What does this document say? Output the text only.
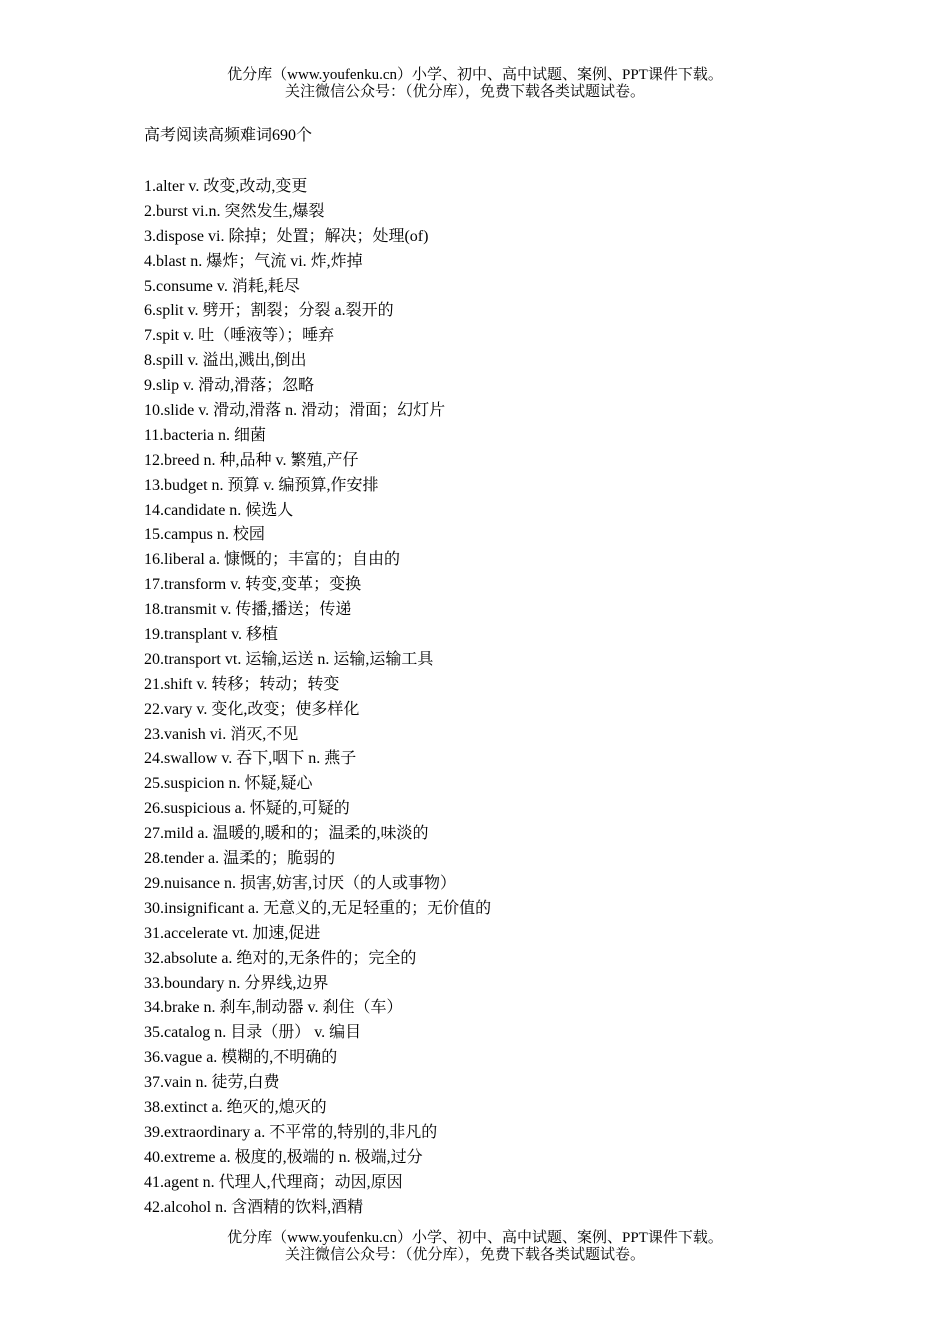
优分库（www.youfenku.cn）小学、初中、高中试题、案例、PPT课件下载。
关注微信公众号：（优分库），免费下载各类试题试卷。
高考阅读高频难词690个
1.alter v. 改变,改动,变更
2.burst vi.n. 突然发生,爆裂
3.dispose vi. 除掉；处置；解决；处理(of)
4.blast n. 爆炸；气流 vi. 炸,炸掉
5.consume v. 消耗,耗尽
6.split v. 劈开；割裂；分裂 a.裂开的
7.spit v. 吐（唾液等）；唾弃
8.spill v. 溢出,溅出,倒出
9.slip v. 滑动,滑落；忽略
10.slide v. 滑动,滑落 n. 滑动；滑面；幻灯片
11.bacteria n. 细菌
12.breed n. 种,品种 v. 繁殖,产仔
13.budget n. 预算 v. 编预算,作安排
14.candidate n. 候选人
15.campus n. 校园
16.liberal a. 慷慨的；丰富的；自由的
17.transform v. 转变,变革；变换
18.transmit v. 传播,播送；传递
19.transplant v. 移植
20.transport vt. 运输,运送 n. 运输,运输工具
21.shift v. 转移；转动；转变
22.vary v. 变化,改变；使多样化
23.vanish vi. 消灭,不见
24.swallow v. 吞下,咽下 n. 燕子
25.suspicion n. 怀疑,疑心
26.suspicious a. 怀疑的,可疑的
27.mild a. 温暖的,暖和的；温柔的,味淡的
28.tender a. 温柔的；脆弱的
29.nuisance n. 损害,妨害,讨厌（的人或事物）
30.insignificant a. 无意义的,无足轻重的；无价值的
31.accelerate vt. 加速,促进
32.absolute a. 绝对的,无条件的；完全的
33.boundary n. 分界线,边界
34.brake n. 刹车,制动器 v. 刹住（车）
35.catalog n. 目录（册） v. 编目
36.vague a. 模糊的,不明确的
37.vain n. 徒劳,白费
38.extinct a. 绝灭的,熄灭的
39.extraordinary a. 不平常的,特别的,非凡的
40.extreme a. 极度的,极端的 n. 极端,过分
41.agent n. 代理人,代理商；动因,原因
42.alcohol n. 含酒精的饮料,酒精
优分库（www.youfenku.cn）小学、初中、高中试题、案例、PPT课件下载。
关注微信公众号：（优分库），免费下载各类试题试卷。
